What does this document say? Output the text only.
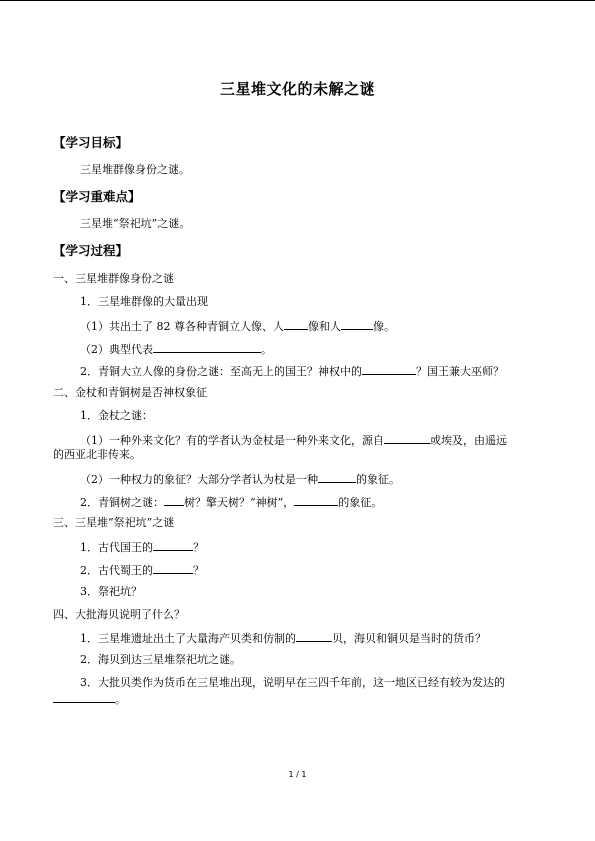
三星堆文化的未解之谜
【学习目标】
三星堆群像身份之谜。
【学习重难点】
三星堆“祭祀坑”之谜。
【学习过程】
一、三星堆群像身份之谜
1．三星堆群像的大量出现
（1）共出土了 82 尊各种青铜立人像、人 像和人	像。
（2）典型代表	。
2．青铜大立人像的身份之谜：至高无上的国王？神权中的	？国王兼大巫师？
二、金杖和青铜树是否神权象征
1．金杖之谜：
（1）一种外来文化？有的学者认为金杖是一种外来文化，源自	或埃及，由遥远
的西亚北非传来。
（2）一种权力的象征？大部分学者认为杖是一种	的象征。
2．青铜树之谜： 树？擎天树？“神树”，	的象征。
三、三星堆“祭祀坑”之谜
1．古代国王的	？
2．古代蜀王的	？
3．祭祀坑？
四、大批海贝说明了什么？
1．三星堆遗址出土了大量海产贝类和仿制的	贝，海贝和铜贝是当时的货币？
2．海贝到达三星堆祭祀坑之谜。
3．大批贝类作为货币在三星堆出现，说明早在三四千年前，这一地区已经有较为发达的
。
1 / 1
